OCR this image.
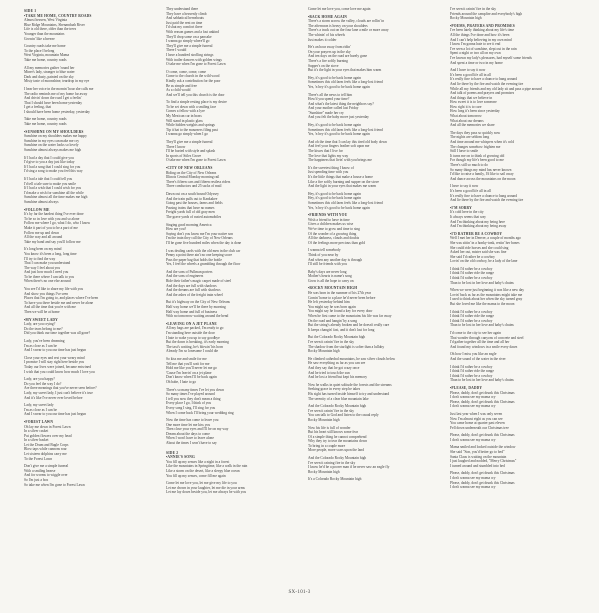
SIDE 1
• TAKE ME HOME, COUNTRY ROADS
Almost heaven, West Virginia
Blue Ridge Mountains, Shenandoah River
Life is old there, older than the trees
Younger than the mountains
Growin' like a breeze
Country roads take me home
To the place I belong
West Virginia, mountain Mama
Take me home, country roads
All my memories gather 'round her
Miner's lady, stranger to blue water
Dark and dusty, painted on the sky
Misty taste of moonshine, teardrop in my eye
I hear her voice in the mornin' hour she calls me
The radio reminds me of my home far away
And drivin' down the road I get a feelin'
That I should have been home yesterday
I get a feeling, that
I should have been home yesterday, yesterday
Take me home, country roads
Take me home, country roads
• SUNSHINE ON MY SHOULDERS
Sunshine on my shoulders makes me happy
Sunshine in my eyes can make me cry
Sunshine on the water looks so lovely
Sunshine almost always makes me high
If I had a day that I could give you
I'd give to you a day just like today
If I had a song that I could sing for you
I'd sing a song to make you feel this way
If I had a tale that I could tell you
I'd tell a tale sure to make you smile
If I had a wish that I could wish for you
I'd make a wish for sunshine all the while
Sunshine almost all the time makes me high
Sunshine almost always
• FOLLOW ME
It's by far the hardest thing I've ever done
To be so in love with you and so alone
Follow me where I go, what I do, who I know
Make it part of you to be a part of me
Follow me up and down
All the way and all around
Take my hand and say you'll follow me
It's long been on my mind
You know it's been a long, long time
I'll try to find the way
That I can make you understand
The way I feel about you
And just how much I need you
To be there where I can talk to you
When there's no one else around
You see I'd like to share my life with you
And show you things I've seen
Places that I'm going to, and places where I've been
To have you there beside me and never be alone
And all the time that you're with me
Then we will be at home
• MY SWEET LADY
Lady, are you crying?
Do the tears belong to me?
Did you think our time together was all gone?
Lady, you've been dreaming
I'm as close as I can be
And I swear to you our time has just begun
Close your eyes and rest your weary mind
I promise I will stay right here beside you
Today our lives were joined, became entwined
I wish that you could know how much I love you
Lady, are you happy?
Do you feel the way I do?
Are there meanings that you've never seen before?
Lady, my sweet lady, I just can't believe it's true
And it's like I've never ever loved before
Lady, my sweet lady
I'm as close as I can be
And I swear to you our time has just begun
• FOREST LAWN
Oh lay me down in Forest Lawn
In a silver casket
Put golden flowers over my head
In a silver basket
Let the Drum and Bugle Corps
Blow taps while cannons roar
Let sixteen dolphins carry me
To the Forest Lawn
Don't give me a simple funeral
With a smiling hearse
And for worms to wiggle over
So I'm just a box
So take me when I'm gone to Forest Lawn
They understand there
They have a heavenly climb
And sabbatical hereabouts
Just paid the rent on time
I'd shut my comfort there
With reason games and a fast unkind
They'll drop some on a pancake
I wanna go simply where'll go
They'll give me a simple funeral
There I would
I have a hundred strolling strings
With trailer dancers with golden wings
O take me when I'm gone to Forest Lawn
O come, come, come, come
Come to the church in the wild wood
Kindly ask a contribution for the poor
Be as simple and free
As a child would
And we'll tell you this church is the door
To find a simple resting place is my desire
To be set down with a smiling face
Comes a fellow with a lyre
My Mexican car in brass
Will stand in plastic glass
While hidden weights and springs
Tip it hat to the mourners filing past
I wanna go simply when I go
They'll give me a simple funeral
There I know
I'll be buried with style and splash
In sports of Stiles Grove
O take me when I'm gone to Forest Lawn
• CITY OF NEW ORLEANS
Riding on the City of New Orleans
Illinois Central Monday morning rail
There's fifteen cars and fifteen restless riders
Three conductors and 25 sacks of mail
Dawn out on a south bound Odyssey
And the train pulls out to Kankakee
Going past the houses, farms and fields
Passing trains that have no names
Freight yards full of old gray men
The grave yards of rusted automobiles
Singing good morning America
How are you?
Saying don't you know me I'm your native son
I'm the train they call the City of New Orleans
I'll be gone five hundred miles when the day is done
I was dealing cards with the old men in the club car
Penny a point there ain't no one keeping score
Pass the paper bag that holds the bottle
Yes, I feel the wheels a grumbling through the floor
And the sons of Pullman porters
And the sons of engineers
Ride their father's magic carpet made of steel
And the days are full with shadows
And the dreams are full with shadows
And the ashes of the freight train wheel
But it's highway on the City of New Orleans
Half way home we'll be there by morning
Half way home and full of business
With no tomorrow waiting around the bend
• LEAVING ON A JET PLANE
All my bags are packed, I'm ready to go
I'm standing here outside the door
I hate to wake you up to say goodbye
But the dawn is breaking, it's early morning
The taxi's waiting, he's blowin' his horn
Already I'm so lonesome I could die
So kiss me and smile for me
Tell me that you'll wait for me
Hold me like you'll never let me go
'Cause I'm leavin' on a jet plane
Don't know when I'll be back again
Oh babe, I hate to go
There's so many times I've let you down
So many times I've played around
I tell you now they don't mean a thing
Every place I go, I think of you
Every song I sing, I'll sing for you
When I come back I'll bring your wedding ring
Now the time has come to leave you
One more time let me kiss you
Then close your eyes and I'll be on my way
Dream about the days to come
When I won't have to leave alone
About the times I won't have to say
SIDE 2
• ANNIE'S SONG
You fill up my senses like a night in a forest
Like the mountains in Springtime, like a walk in the rain
Like a storm on the desert, like a sleepy blue ocean
You fill up my senses, come fill me again
Come let me love you, let me give my life to you
Let me drown in your laughter, let me die in your arms
Let me lay down beside you, let me always be with you
Come let me love you, come love me again
• BACK HOME AGAIN
There's a storm across the valley, clouds are rollin' in
The afternoon is heavy on your shoulders
There's a truck out on the four lane a mile or more away
The whinin' of his wheels
Just makes it colder
He's an hour away from ridin'
On your prayers up in the sky
And ten days on the road are barely gone
There's a fire softly burning
Supper's on the stove
But it's the light in your eyes that makes him warm
Hey, it's good to be back home again
Sometimes this old farm feels like a long-lost friend
Yes, 'n hey it's good to be back home again
There's all the news to tell him
How'd you spend your time?
And what's the latest thing the neighbors say?
And your mother called last Friday
"Sunshine" made her cry
And you felt the baby move just yesterday
Hey, it's good to be back home again
Sometimes this old farm feels like a long-lost friend
Yes, 'n hey it's good to be back home again
And oh the time that I can lay this tired old body down
And feel your fingers feather soft upon me
The kisses that I live for
The love that lights my way
The happiness that livin' with you brings me
It's the sweetest thing I know of
Just spending time with you
It's the little things that make a house a home
Like a fire softly burning and supper on the stove
And the light in your eyes that makes me warm
Hey, it's good to be back home again
Hey, it's good to be back home again
Sometimes this old farm feels like a long-lost friend
Yes, 'n hey it's good to be back home again
• FRIENDS WITH YOU
Wish a friend to have in time
Gives a children makes us wise
We've time to grow and time to sing
Of the wonder of a growing thing
All the darkness, clouds and doubts
Of the feelings more precious than gold
I wanna tell somebody
Think of you near by
And when any another day is through
I'll still be friends with you
Baby's days are never long
Mother's hearts is name's song
Grow is all the hope to carry on
• ROCKY MOUNTAIN HIGH
He was born in the summer of his 27th year
Comin' home to a place he'd never been before
He left yesterday behind him
You might say he was born again
You might say he found a key for every door
When he first came to the mountains his life was far away
On the road and hangin' by a song
But the string's already broken and he doesn't really care
It keeps changin' fast, and it don't last for long
But the Colorado Rocky Mountain high
I've seen it rainin' fire in the sky
The shadow from the starlight is softer than a lullaby
Rocky Mountain high
He climbed cathedral mountains, he saw silver clouds below
He saw everything as far as you can see
And they say that he got crazy once
And he tried to touch the sun
And he lost a friend but kept his memory
Now he walks in quiet solitude the forests and the streams
Seeking grace in every step he takes
His sight has turned inside himself to try and understand
The serenity of a clear blue mountain lake
And the Colorado Rocky Mountain high
I've seen it rainin' fire in the sky
You can talk to God and listen to the casual reply
Rocky Mountain high
Now his life is full of wonder
But his heart still knows some fear
Of a simple thing he cannot comprehend
Why they try to tear the mountains down
To bring in a couple more
More people, more scars upon the land
And the Colorado Rocky Mountain high
I've seen it raining fire in the sky
I know he'd be a poorer man if he never saw an eagle fly
Rocky Mountain high
It's a Colorado Rocky Mountain high
I've seen it rainin' fire in the sky
Friends around the campfire and everybody's high
Rocky Mountain high
• POEMS, PRAYERS AND PROMISES
I've been lately thinking about my life's time
All the things I've done and how it's been
And I can't help believing in my own mind
I know I'm gonna hate to see it end
I've seen a lot of sunshine, slept out in the rain
Spent a night or two all on my own
I've known my lady's pleasures, had myself some friends
And spent a time or two in my home
And I have to say it now
It's been a good life all in all
It's really fine to have a chance to hang around
And lie there by the fire and watch the evening tire
While all my friends and my old lady sit and pass a pipe around
And talk of poems and prayers and promises
And things that we believe in
How sweet it is to love someone
How right it is to care
How long it's been since yesterday
What about tomorrow
What about our dreams
And all the memories we share
The days they pass so quickly now
The nights are seldom long
And time around me whispers when it's cold
The changes somehow frighten me
Still I have to smile
It turns me on to think of growing old
For though my life's been good to me
There's still so much to do
So many things my mind has never known
I'd like to raise a family, I'd like to sail away
And dance across the mountains on the moon
I have to say it now
It's been a good life all in all
It's really fine to have a chance to hang around
And lie there by the fire and watch the evening tire
• I'M SORRY
It's cold here in the city
It always seems that way
And I'm thinking about my being here
And I'm thinking about my being away
• I'D RATHER BE A COWBOY
Well I met her in Denver, a couple of months ago
She was sittin' in a honky-tonk, restin' her bones
She could ride horses and she could sing
Asked her out, mister said she was fine
She said I'd rather be a cowboy
Lovin' on the old cowboy, be a lady of the lane
I think I'd rather be a cowboy
I think I'd rather ride the range
I think I'd rather be a cowboy
Than to be lost in her love and baby's chains
When we were just beginning it was like a new day
Lovin' back as far as the mountains might take me
I used to think about her when the sky turned gray
But she loved me like the mama to the moon
I think I'd rather be a cowboy
I think I'd rather ride the range
I think I'd rather be a cowboy
Than to be lost in her love and baby's chains
I'd come to the city to see her again
That wonder through canyons of concrete and steel
I'd gather together all the time and all her
And found my windows in a smile every dawn
Oh how I miss you like an eagle
And the sound of the water in the river
I think I'd rather be a cowboy
I think I'd rather ride the range
I think I'd rather be a cowboy
Than to be lost in her love and baby's chains
• PLEASE, DADDY
Please, daddy, don't get drunk this Christmas
I don't wanna see my mama cry
Please, daddy, don't get drunk this Christmas
I don't wanna see my mama cry
Just last year when I was only seven
Now I'm almost eight as you can see
You came home at quarter past eleven
Fell down underneath our Christmas tree
Please, daddy, don't get drunk this Christmas
I don't wanna see my mama cry
Mama smiled and looked outside the window
She said "Son, you'd better go to bed"
Santa Claus is waiting on the mountain
I just laughed and nodded, "Merry Christmas"
I turned around and stumbled into bed
Please, daddy, don't get drunk this Christmas
I don't wanna see my mama cry
Please, daddy, don't get drunk this Christmas
I don't wanna see my mama cry
SX-101-3
